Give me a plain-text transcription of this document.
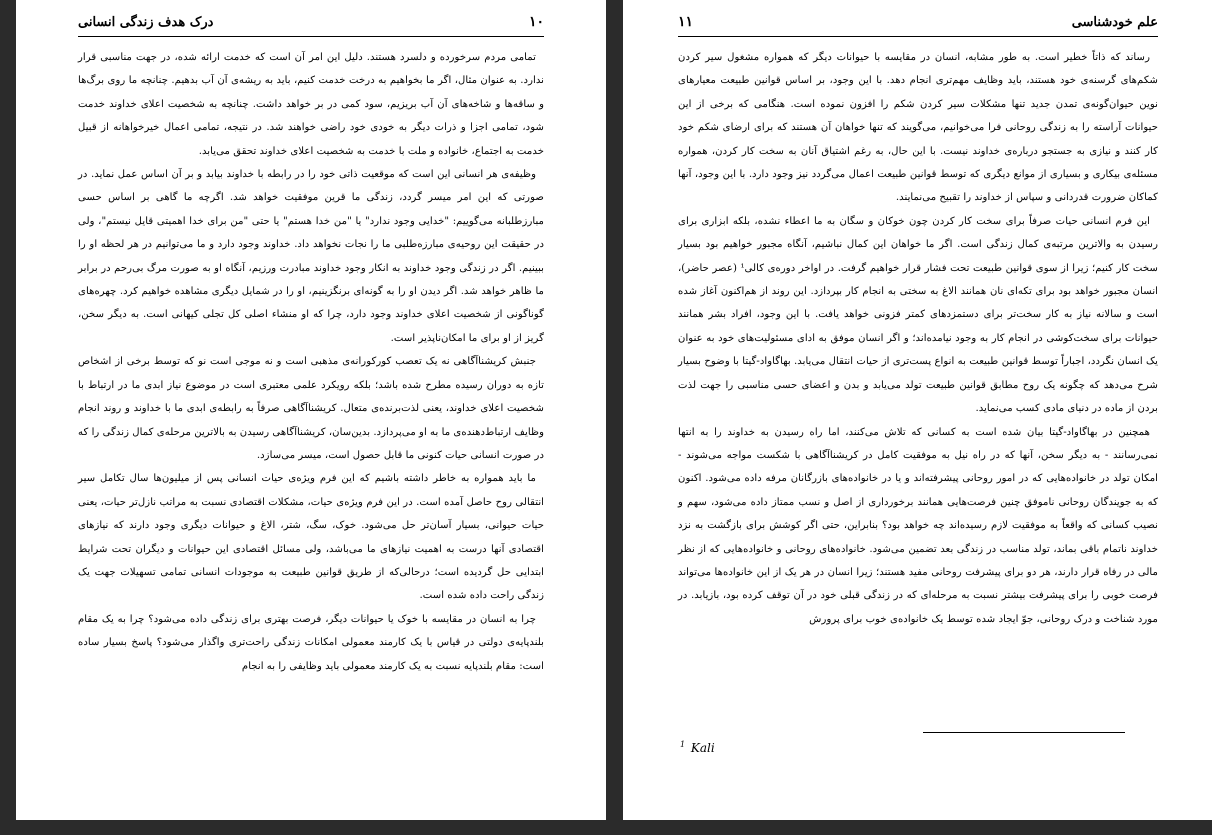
۱۰
درک هدف زندگی انسانی

تمامی مردم سرخورده و دلسرد هستند. دلیل این امر آن است که خدمت ارائه شده، در جهت مناسبی قرار ندارد. به عنوان مثال، اگر ما بخواهیم به درخت خدمت کنیم، باید به ریشه‌ی آن آب بدهیم. چنانچه ما روی برگ‌ها و ساقه‌ها و شاخه‌های آن آب بریزیم، سود کمی در بر خواهد داشت. چنانچه به شخصیت اعلای خداوند خدمت شود، تمامی اجزا و ذرات دیگر به خودی خود راضی خواهند شد. در نتیجه، تمامی اعمال خیرخواهانه از قبیل خدمت به اجتماع، خانواده و ملت با خدمت به شخصیت اعلای خداوند تحقق می‌یابد.

وظیفه‌ی هر انسانی این است که موقعیت ذاتی خود را در رابطه با خداوند بیابد و بر آن اساس عمل نماید. در صورتی که این امر میسر گردد، زندگی ما قرین موفقیت خواهد شد. اگرچه ما گاهی بر اساس حسی مبارزطلبانه می‌گوییم: "خدایی وجود ندارد" یا "من خدا هستم" یا حتی "من برای خدا اهمیتی قایل نیستم"، ولی در حقیقت این روحیه‌ی مبارزه‌طلبی ما را نجات نخواهد داد. خداوند وجود دارد و ما می‌توانیم در هر لحظه او را ببینیم. اگر در زندگی وجود خداوند به انکار وجود خداوند مبادرت ورزیم، آنگاه او به صورت مرگ بی‌رحم در برابر ما ظاهر خواهد شد. اگر دیدن او را به گونه‌ای برنگزینیم، او را در شمایل دیگری مشاهده خواهیم کرد. چهره‌های گوناگونی از شخصیت اعلای خداوند وجود دارد، چرا که او منشاء اصلی کل تجلی کیهانی است. به دیگر سخن، گریز از او برای ما امکان‌ناپذیر است.

جنبش کریشناآگاهی نه یک تعصب کورکورانه‌ی مذهبی است و نه موجی است نو که توسط برخی از اشخاص تازه به دوران رسیده مطرح شده باشد؛ بلکه رویکرد علمی معتبری است در موضوع نیاز ابدی ما در ارتباط با شخصیت اعلای خداوند، یعنی لذت‌برنده‌ی متعال. کریشناآگاهی صرفاً به رابطه‌ی ابدی ما با خداوند و روند انجام وظایف ارتباط‌دهنده‌ی ما به او می‌پردازد. بدین‌سان، کریشناآگاهی رسیدن به بالاترین مرحله‌ی کمال زندگی را که در صورت انسانی حیات کنونی ما قابل حصول است، میسر می‌سازد.

ما باید همواره به خاطر داشته باشیم که این فرم ویژه‌ی حیات انسانی پس از میلیون‌ها سال تکامل سیر انتقالی روح حاصل آمده است. در این فرم ویژه‌ی حیات، مشکلات اقتصادی نسبت به مراتب نازل‌تر حیات، یعنی حیات حیوانی، بسیار آسان‌تر حل می‌شود. خوک، سگ، شتر، الاغ و حیوانات دیگری وجود دارند که نیازهای اقتصادی آنها درست به اهمیت نیازهای ما می‌باشد، ولی مسائل اقتصادی این حیوانات و دیگران تحت شرایط ابتدایی حل گردیده است؛ درحالی‌که از طریق قوانین طبیعت به موجودات انسانی تمامی تسهیلات جهت یک زندگی راحت داده شده است.

چرا به انسان در مقایسه با خوک یا حیوانات دیگر، فرصت بهتری برای زندگی داده می‌شود؟ چرا به یک مقام بلندپایه‌ی دولتی در قیاس با یک کارمند معمولی امکانات زندگی راحت‌تری واگذار می‌شود؟ پاسخ بسیار ساده است: مقام بلندپایه نسبت به یک کارمند معمولی باید وظایفی را به انجام

علم خودشناسی
۱۱

رساند که ذاتاً خطیر است. به طور مشابه، انسان در مقایسه با حیوانات دیگر که همواره مشغول سیر کردن شکم‌های گرسنه‌ی خود هستند، باید وظایف مهم‌تری انجام دهد. با این وجود، بر اساس قوانین طبیعت معیارهای نوین حیوان‌گونه‌ی تمدن جدید تنها مشکلات سیر کردن شکم را افزون نموده است. هنگامی که برخی از این حیوانات آراسته را به زندگی روحانی فرا می‌خوانیم، می‌گویند که تنها خواهان آن هستند که برای ارضای شکم خود کار کنند و نیازی به جستجو درباره‌ی خداوند نیست. با این حال، به رغم اشتیاق آنان به سخت کار کردن، همواره مسئله‌ی بیکاری و بسیاری از موانع دیگری که توسط قوانین طبیعت اعمال می‌گردد نیز وجود دارد. با این وجود، آنها کماکان ضرورت قدردانی و سپاس از خداوند را تقبیح می‌نمایند.

این فرم انسانی حیات صرفاً برای سخت کار کردن چون خوکان و سگان به ما اعطاء نشده، بلکه ابزاری برای رسیدن به والاترین مرتبه‌ی کمال زندگی است. اگر ما خواهان این کمال نباشیم، آنگاه مجبور خواهیم بود بسیار سخت کار کنیم؛ زیرا از سوی قوانین طبیعت تحت فشار قرار خواهیم گرفت. در اواخر دوره‌ی کالی¹ (عصر حاضر)، انسان مجبور خواهد بود برای تکه‌ای نان همانند الاغ به سختی به انجام کار بپردازد. این روند از هم‌اکنون آغاز شده است و سالانه نیاز به کار سخت‌تر برای دستمزدهای کمتر فزونی خواهد یافت. با این وجود، افراد بشر همانند حیوانات برای سخت‌کوشی در انجام کار به وجود نیامده‌اند؛ و اگر انسان موفق به ادای مسئولیت‌های خود به عنوان یک انسان نگردد، اجباراً توسط قوانین طبیعت به انواع پست‌تری از حیات انتقال می‌یابد. بهاگاواد-گیتا با وضوح بسیار شرح می‌دهد که چگونه یک روح مطابق قوانین طبیعت تولد می‌یابد و بدن و اعضای حسی مناسبی را جهت لذت بردن از ماده در دنیای مادی کسب می‌نماید.

همچنین در بهاگاواد-گیتا بیان شده است به کسانی که تلاش می‌کنند، اما راه رسیدن به خداوند را به انتها نمی‌رسانند - به دیگر سخن، آنها که در راه نیل به موفقیت کامل در کریشناآگاهی با شکست مواجه می‌شوند - امکان تولد در خانواده‌هایی که در امور روحانی پیشرفته‌اند و یا در خانواده‌های بازرگانان مرفه داده می‌شود. اکنون که به جویندگان روحانی ناموفق چنین فرصت‌هایی همانند برخورداری از اصل و نسب ممتاز داده می‌شود، سهم و نصیب کسانی که واقعاً به موفقیت لازم رسیده‌اند چه خواهد بود؟ بنابراین، حتی اگر کوشش برای بازگشت به نزد خداوند ناتمام باقی بماند، تولد مناسب در زندگی بعد تضمین می‌شود. خانواده‌های روحانی و خانواده‌هایی که از نظر مالی در رفاه قرار دارند، هر دو برای پیشرفت روحانی مفید هستند؛ زیرا انسان در هر یک از این خانواده‌ها می‌تواند فرصت خوبی را برای پیشرفت بیشتر نسبت به مرحله‌ای که در زندگی قبلی خود در آن توقف کرده بود، بازیابد. در مورد شناخت و درک روحانی، جوّ ایجاد شده توسط یک خانواده‌ی خوب برای پرورش

$^1$ Kali
